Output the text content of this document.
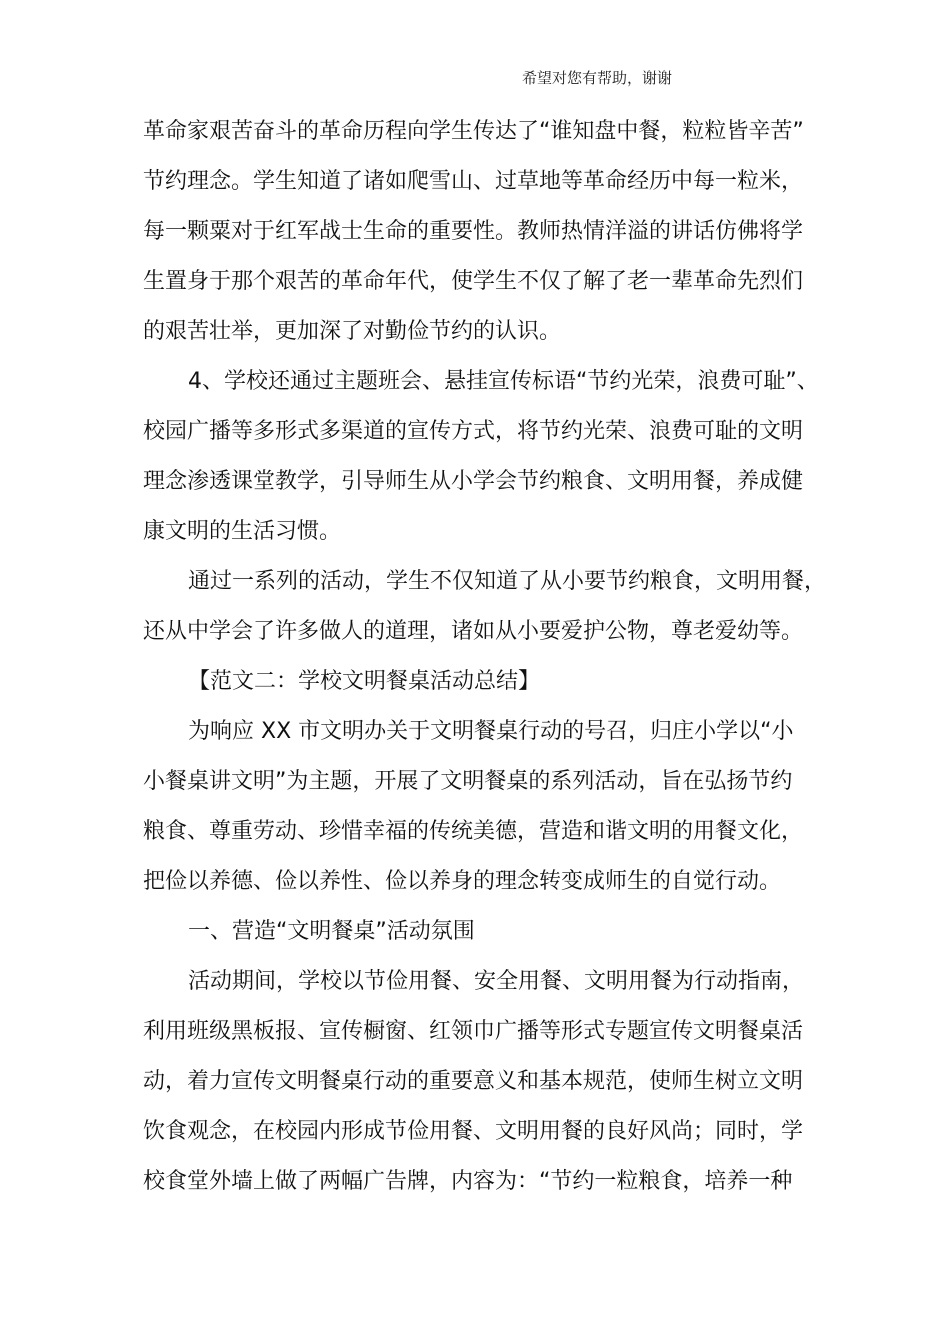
希望对您有帮助，谢谢
革命家艰苦奋斗的革命历程向学生传达了“谁知盘中餐，粒粒皆辛苦”
节约理念。学生知道了诸如爬雪山、过草地等革命经历中每一粒米，
每一颗粟对于红军战士生命的重要性。教师热情洋溢的讲话仿佛将学
生置身于那个艰苦的革命年代，使学生不仅了解了老一辈革命先烈们
的艰苦壮举，更加深了对勤俭节约的认识。
4、学校还通过主题班会、悬挂宣传标语“节约光荣，浪费可耻”、
校园广播等多形式多渠道的宣传方式，将节约光荣、浪费可耻的文明
理念渗透课堂教学，引导师生从小学会节约粮食、文明用餐，养成健
康文明的生活习惯。
通过一系列的活动，学生不仅知道了从小要节约粮食，文明用餐，
还从中学会了许多做人的道理，诸如从小要爱护公物，尊老爱幼等。
【范文二：学校文明餐桌活动总结】
为响应 XX 市文明办关于文明餐桌行动的号召，归庄小学以“小
小餐桌讲文明”为主题，开展了文明餐桌的系列活动，旨在弘扬节约
粮食、尊重劳动、珍惜幸福的传统美德，营造和谐文明的用餐文化，
把俭以养德、俭以养性、俭以养身的理念转变成师生的自觉行动。
一、营造“文明餐桌”活动氛围
活动期间，学校以节俭用餐、安全用餐、文明用餐为行动指南，
利用班级黑板报、宣传橱窗、红领巾广播等形式专题宣传文明餐桌活
动，着力宣传文明餐桌行动的重要意义和基本规范，使师生树立文明
饮食观念，在校园内形成节俭用餐、文明用餐的良好风尚；同时，学
校食堂外墙上做了两幅广告牌，内容为：“节约一粒粮食，培养一种
